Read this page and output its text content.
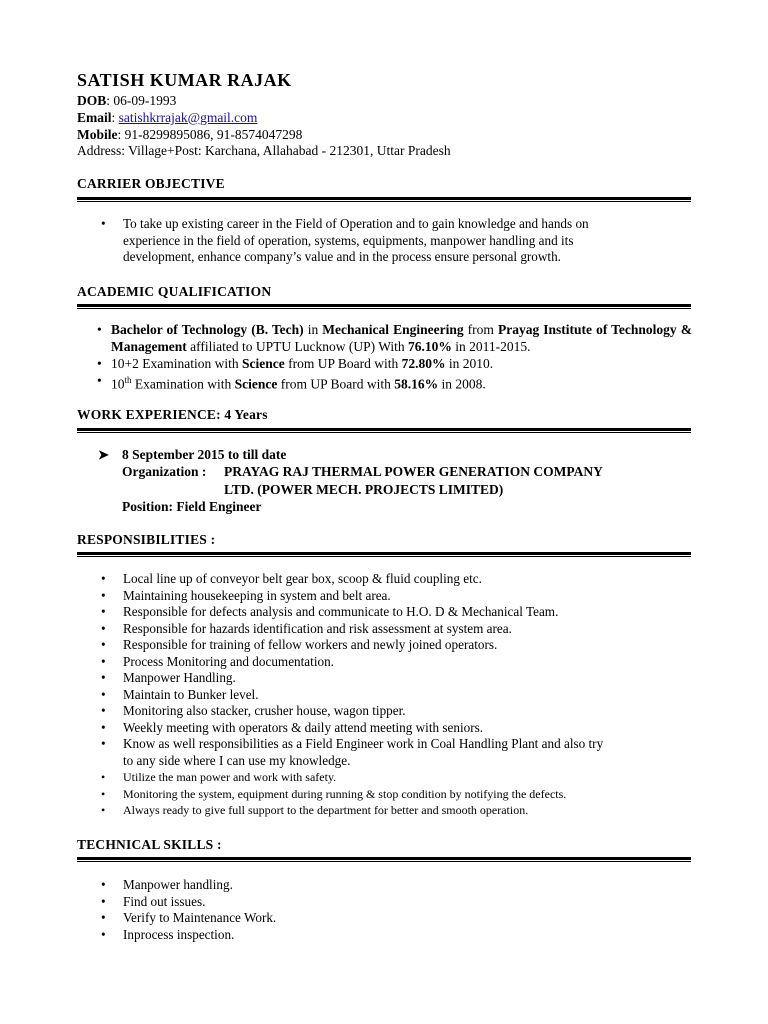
SATISH KUMAR RAJAK
DOB: 06-09-1993
Email: satishkrrajak@gmail.com
Mobile: 91-8299895086, 91-8574047298
Address: Village+Post: Karchana, Allahabad - 212301, Uttar Pradesh
CARRIER OBJECTIVE
• To take up existing career in the Field of Operation and to gain knowledge and hands on
experience in the field of operation, systems, equipments, manpower handling and its
development, enhance company’s value and in the process ensure personal growth.
ACADEMIC QUALIFICATION
• Bachelor of Technology (B. Tech) in Mechanical Engineering from Prayag Institute of Technology & Management affiliated to UPTU Lucknow (UP) With 76.10% in 2011-2015.
• 10+2 Examination with Science from UP Board with 72.80% in 2010.
• 10th Examination with Science from UP Board with 58.16% in 2008.
WORK EXPERIENCE: 4 Years
➤ 8 September 2015 to till date
Organization : PRAYAG RAJ THERMAL POWER GENERATION COMPANY
LTD. (POWER MECH. PROJECTS LIMITED)
Position: Field Engineer
RESPONSIBILITIES :
• Local line up of conveyor belt gear box, scoop & fluid coupling etc.
• Maintaining housekeeping in system and belt area.
• Responsible for defects analysis and communicate to H.O. D & Mechanical Team.
• Responsible for hazards identification and risk assessment at system area.
• Responsible for training of fellow workers and newly joined operators.
• Process Monitoring and documentation.
• Manpower Handling.
• Maintain to Bunker level.
• Monitoring also stacker, crusher house, wagon tipper.
• Weekly meeting with operators & daily attend meeting with seniors.
• Know as well responsibilities as a Field Engineer work in Coal Handling Plant and also try
to any side where I can use my knowledge.
• Utilize the man power and work with safety.
• Monitoring the system, equipment during running & stop condition by notifying the defects.
• Always ready to give full support to the department for better and smooth operation.
TECHNICAL SKILLS :
• Manpower handling.
• Find out issues.
• Verify to Maintenance Work.
• Inprocess inspection.
